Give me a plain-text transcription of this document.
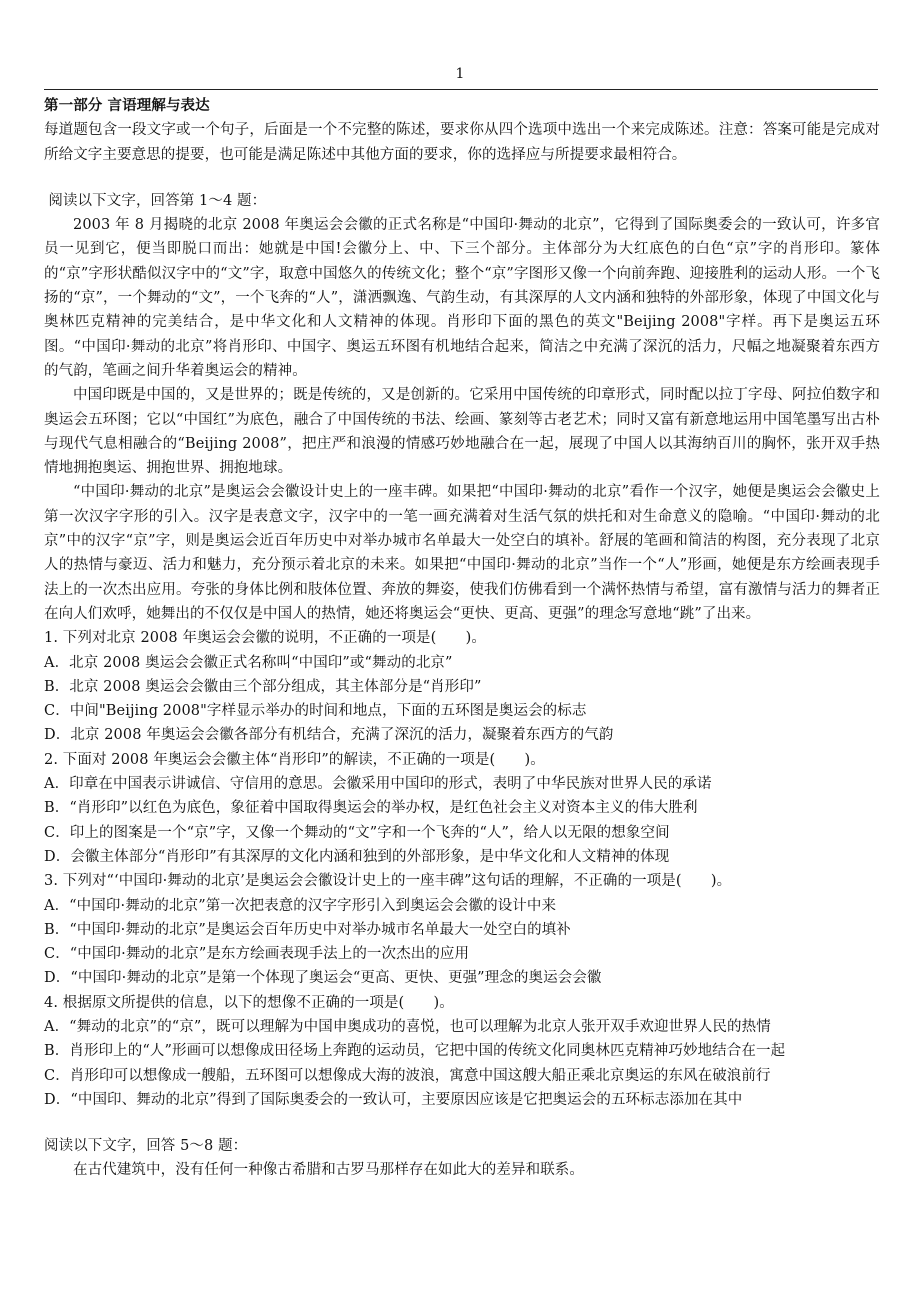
1

第一部分 言语理解与表达

每道题包含一段文字或一个句子，后面是一个不完整的陈述，要求你从四个选项中选出一个来完成陈述。注意：答案可能是完成对所给文字主要意思的提要，也可能是满足陈述中其他方面的要求，你的选择应与所提要求最相符合。

阅读以下文字，回答第 1～4 题：

2003 年 8 月揭晓的北京 2008 年奥运会会徽的正式名称是“中国印·舞动的北京”，它得到了国际奥委会的一致认可，许多官员一见到它，便当即脱口而出：她就是中国!会徽分上、中、下三个部分。主体部分为大红底色的白色“京”字的肖形印。篆体的“京”字形状酷似汉字中的“文”字，取意中国悠久的传统文化；整个“京”字图形又像一个向前奔跑、迎接胜利的运动人形。一个飞扬的“京”，一个舞动的“文”，一个飞奔的“人”，潇洒飘逸、气韵生动，有其深厚的人文内涵和独特的外部形象，体现了中国文化与奥林匹克精神的完美结合，是中华文化和人文精神的体现。肖形印下面的黑色的英文"Beijing 2008"字样。再下是奥运五环图。“中国印·舞动的北京”将肖形印、中国字、奥运五环图有机地结合起来，简洁之中充满了深沉的活力，尺幅之地凝聚着东西方的气韵，笔画之间升华着奥运会的精神。

中国印既是中国的，又是世界的；既是传统的，又是创新的。它采用中国传统的印章形式，同时配以拉丁字母、阿拉伯数字和奥运会五环图；它以“中国红”为底色，融合了中国传统的书法、绘画、篆刻等古老艺术；同时又富有新意地运用中国笔墨写出古朴与现代气息相融合的“Beijing 2008”，把庄严和浪漫的情感巧妙地融合在一起，展现了中国人以其海纳百川的胸怀，张开双手热情地拥抱奥运、拥抱世界、拥抱地球。

“中国印·舞动的北京”是奥运会会徽设计史上的一座丰碑。如果把“中国印·舞动的北京”看作一个汉字，她便是奥运会会徽史上第一次汉字字形的引入。汉字是表意文字，汉字中的一笔一画充满着对生活气氛的烘托和对生命意义的隐喻。“中国印·舞动的北京”中的汉字“京”字，则是奥运会近百年历史中对举办城市名单最大一处空白的填补。舒展的笔画和简洁的构图，充分表现了北京人的热情与豪迈、活力和魅力，充分预示着北京的未来。如果把“中国印·舞动的北京”当作一个“人”形画，她便是东方绘画表现手法上的一次杰出应用。夸张的身体比例和肢体位置、奔放的舞姿，使我们仿佛看到一个满怀热情与希望，富有激情与活力的舞者正在向人们欢呼，她舞出的不仅仅是中国人的热情，她还将奥运会“更快、更高、更强”的理念写意地“跳”了出来。

1. 下列对北京 2008 年奥运会会徽的说明，不正确的一项是(　　)。

A．北京 2008 奥运会会徽正式名称叫“中国印”或“舞动的北京”

B．北京 2008 奥运会会徽由三个部分组成，其主体部分是“肖形印”

C．中间"Beijing 2008"字样显示举办的时间和地点，下面的五环图是奥运会的标志

D．北京 2008 年奥运会会徽各部分有机结合，充满了深沉的活力，凝聚着东西方的气韵

2. 下面对 2008 年奥运会会徽主体“肖形印”的解读，不正确的一项是(　　)。

A．印章在中国表示讲诚信、守信用的意思。会徽采用中国印的形式，表明了中华民族对世界人民的承诺

B．“肖形印”以红色为底色，象征着中国取得奥运会的举办权，是红色社会主义对资本主义的伟大胜利

C．印上的图案是一个“京”字，又像一个舞动的“文”字和一个飞奔的“人”，给人以无限的想象空间

D．会徽主体部分“肖形印”有其深厚的文化内涵和独到的外部形象，是中华文化和人文精神的体现

3. 下列对“‘中国印·舞动的北京’是奥运会会徽设计史上的一座丰碑”这句话的理解，不正确的一项是(　　)。

A．“中国印·舞动的北京”第一次把表意的汉字字形引入到奥运会会徽的设计中来

B．“中国印·舞动的北京”是奥运会百年历史中对举办城市名单最大一处空白的填补

C．“中国印·舞动的北京”是东方绘画表现手法上的一次杰出的应用

D．“中国印·舞动的北京”是第一个体现了奥运会“更高、更快、更强”理念的奥运会会徽

4. 根据原文所提供的信息，以下的想像不正确的一项是(　　)。

A．“舞动的北京”的“京”，既可以理解为中国申奥成功的喜悦，也可以理解为北京人张开双手欢迎世界人民的热情

B．肖形印上的“人”形画可以想像成田径场上奔跑的运动员，它把中国的传统文化同奥林匹克精神巧妙地结合在一起

C．肖形印可以想像成一艘船，五环图可以想像成大海的波浪，寓意中国这艘大船正乘北京奥运的东风在破浪前行

D．“中国印、舞动的北京”得到了国际奥委会的一致认可，主要原因应该是它把奥运会的五环标志添加在其中

阅读以下文字，回答 5～8 题：

在古代建筑中，没有任何一种像古希腊和古罗马那样存在如此大的差异和联系。
